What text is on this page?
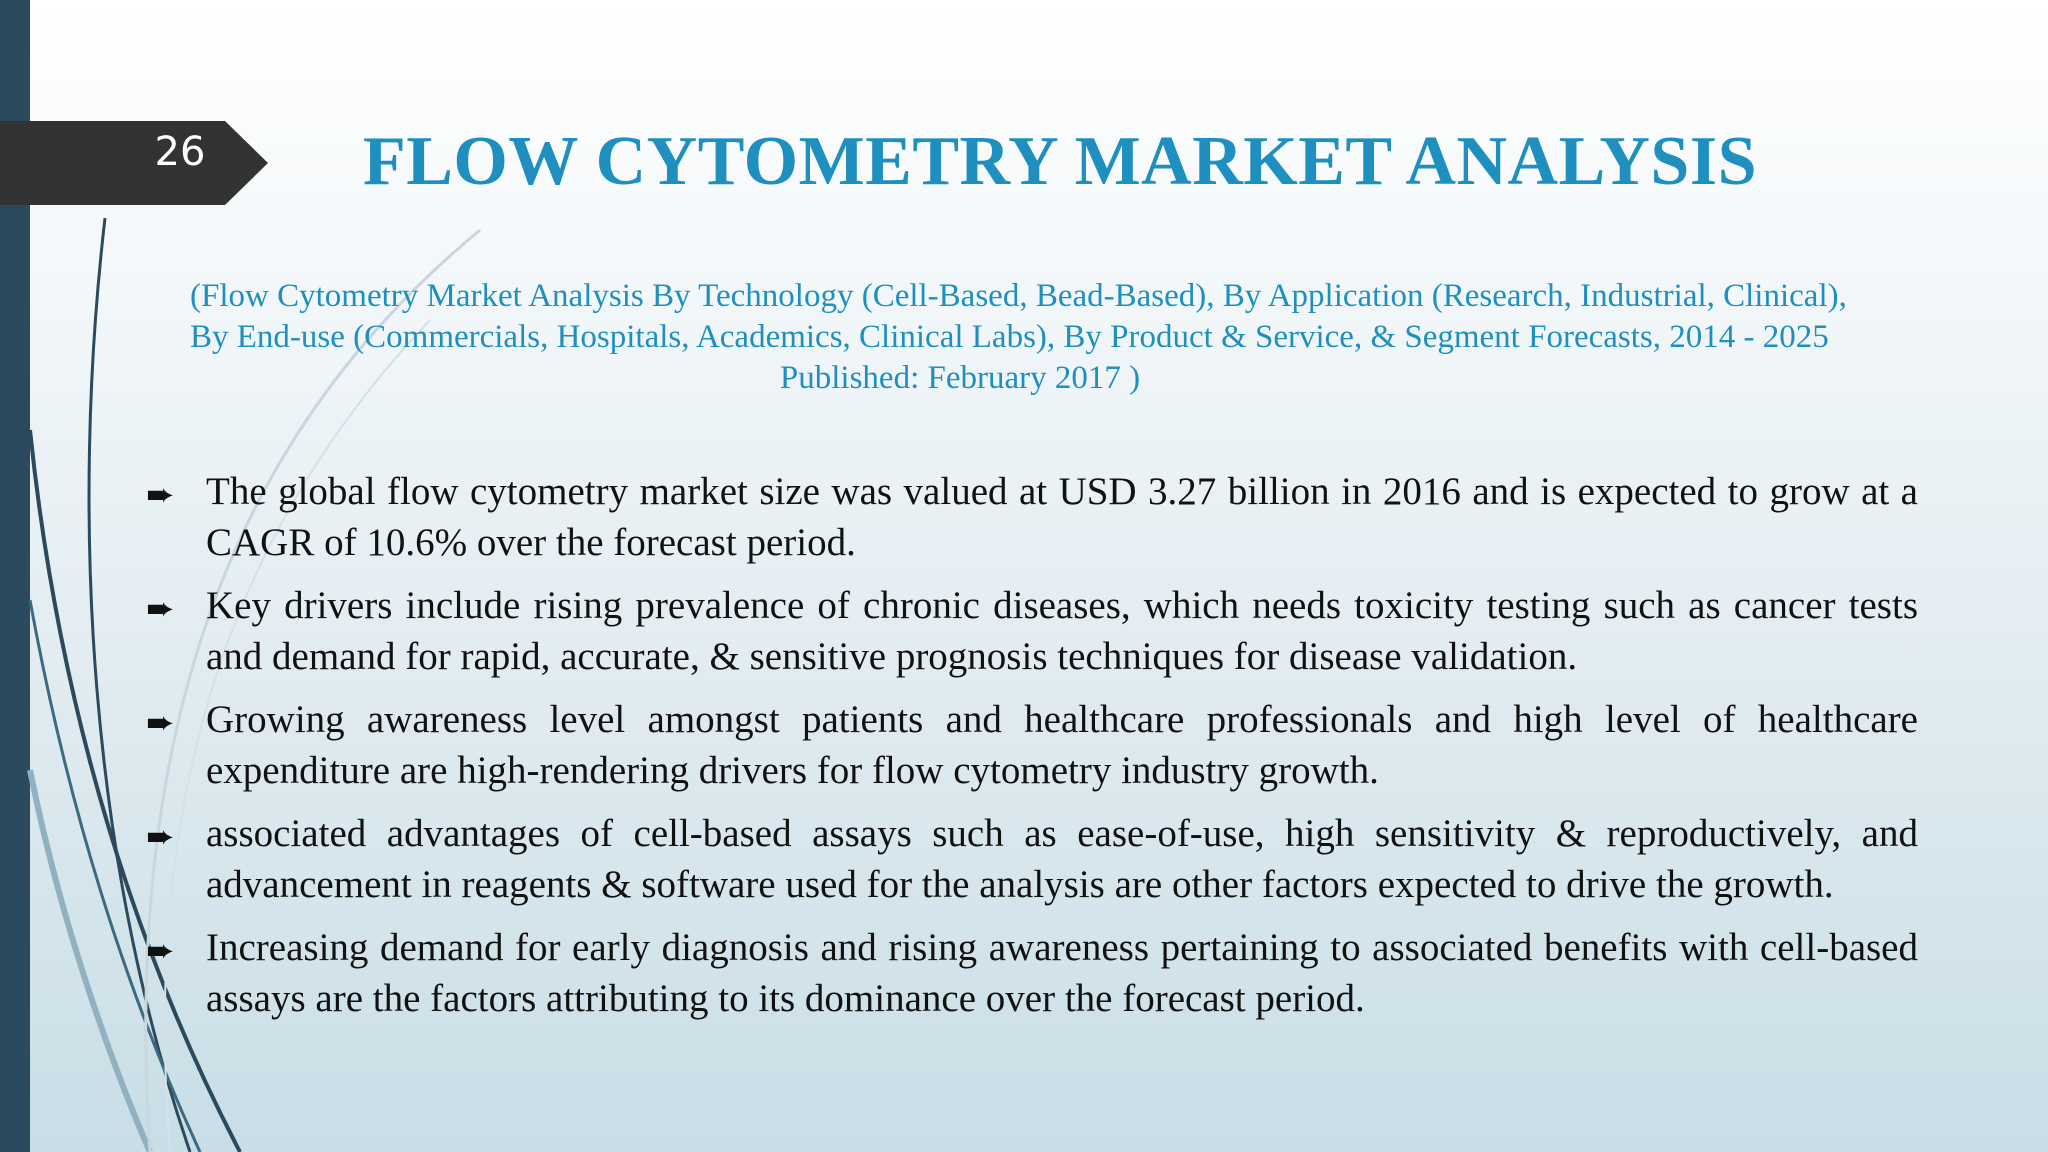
26	FLOW CYTOMETRY MARKET ANALYSIS
(Flow Cytometry Market Analysis By Technology (Cell-Based, Bead-Based), By Application (Research, Industrial, Clinical),
By End-use (Commercials, Hospitals, Academics, Clinical Labs), By Product & Service, & Segment Forecasts, 2014 - 2025
Published: February 2017 )
➨ The global flow cytometry market size was valued at USD 3.27 billion in 2016 and is expected to grow at a CAGR of 10.6% over the forecast period.
➨ Key drivers include rising prevalence of chronic diseases, which needs toxicity testing such as cancer tests and demand for rapid, accurate, & sensitive prognosis techniques for disease validation.
➨ Growing awareness level amongst patients and healthcare professionals and high level of healthcare expenditure are high-rendering drivers for flow cytometry industry growth.
➨ associated advantages of cell-based assays such as ease-of-use, high sensitivity & reproductively, and advancement in reagents & software used for the analysis are other factors expected to drive the growth.
➨ Increasing demand for early diagnosis and rising awareness pertaining to associated benefits with cell-based assays are the factors attributing to its dominance over the forecast period.
